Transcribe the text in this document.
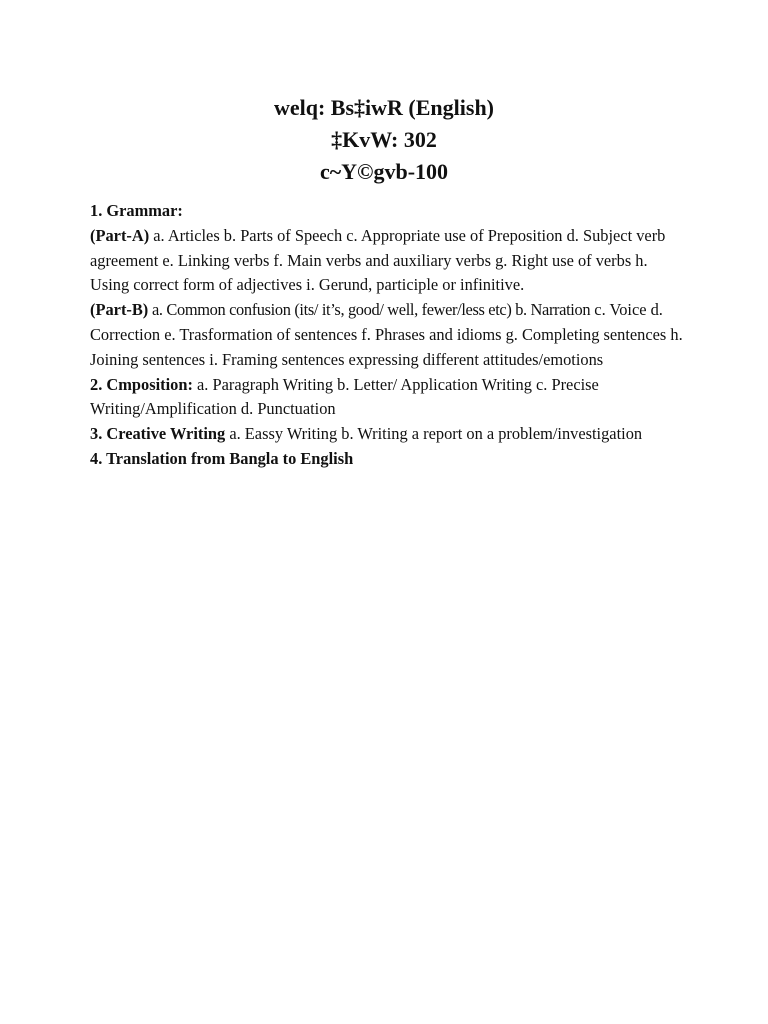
welq: Bs‡iwR (English)
‡KvW: 302
c~Y©gvb-100

1. Grammar:

(Part-A) a. Articles b. Parts of Speech c. Appropriate use of Preposition d. Subject verb agreement e. Linking verbs f. Main verbs and auxiliary verbs g. Right use of verbs h. Using correct form of adjectives i. Gerund, participle or infinitive.

(Part-B) a. Common confusion (its/ it’s, good/ well, fewer/less etc) b. Narration c. Voice d. Correction e. Trasformation of sentences f. Phrases and idioms g. Completing sentences h. Joining sentences i. Framing sentences expressing different attitudes/emotions

2. Cmposition: a. Paragraph Writing b. Letter/ Application Writing c. Precise Writing/Amplification d. Punctuation

3. Creative Writing a. Eassy Writing b. Writing a report on a problem/investigation

4. Translation from Bangla to English
